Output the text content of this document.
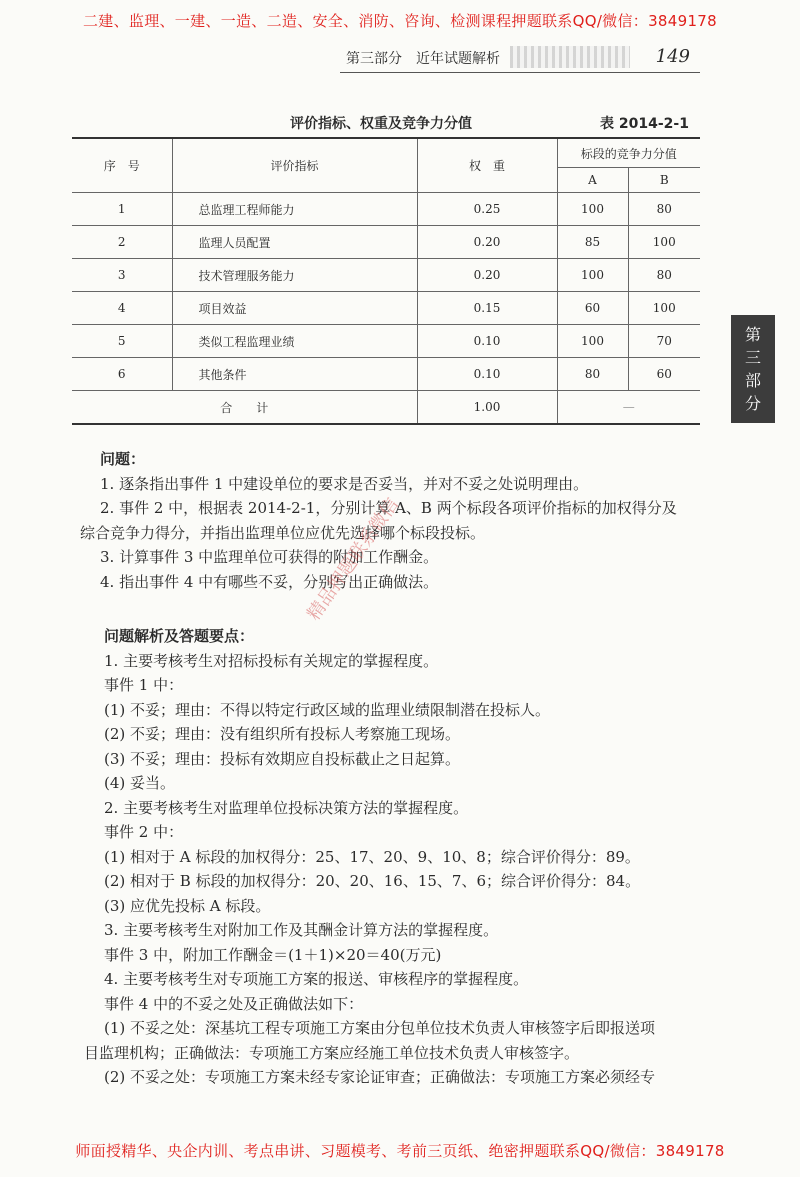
二建、监理、一建、一造、二造、安全、消防、咨询、检测课程押题联系QQ/微信：3849178
第三部分　近年试题解析	149
第
三
部
分
评价指标、权重及竞争力分值	表 2014-2-1
序　号	评价指标	权　重	标段的竞争力分值	
			A	B
1	总监理工程师能力	0.25	100	80
2	监理人员配置	0.20	85	100
3	技术管理服务能力	0.20	100	80
4	项目效益	0.15	60	100
5	类似工程监理业绩	0.10	100	70
6	其他条件	0.10	80	60
合　　计		1.00	—	

问题：

1. 逐条指出事件 1 中建设单位的要求是否妥当，并对不妥之处说明理由。

2. 事件 2 中，根据表 2014-2-1，分别计算 A、B 两个标段各项评价指标的加权得分及

综合竞争力得分，并指出监理单位应优先选择哪个标段投标。

3. 计算事件 3 中监理单位可获得的附加工作酬金。

4. 指出事件 4 中有哪些不妥，分别写出正确做法。

问题解析及答题要点：

1. 主要考核考生对招标投标有关规定的掌握程度。

事件 1 中：

(1) 不妥；理由：不得以特定行政区域的监理业绩限制潜在投标人。

(2) 不妥；理由：没有组织所有投标人考察施工现场。

(3) 不妥；理由：投标有效期应自投标截止之日起算。

(4) 妥当。

2. 主要考核考生对监理单位投标决策方法的掌握程度。

事件 2 中：

(1) 相对于 A 标段的加权得分：25、17、20、9、10、8；综合评价得分：89。

(2) 相对于 B 标段的加权得分：20、20、16、15、7、6；综合评价得分：84。

(3) 应优先投标 A 标段。

3. 主要考核考生对附加工作及其酬金计算方法的掌握程度。

事件 3 中，附加工作酬金＝(1＋1)×20＝40(万元)

4. 主要考核考生对专项施工方案的报送、审核程序的掌握程度。

事件 4 中的不妥之处及正确做法如下：

(1) 不妥之处：深基坑工程专项施工方案由分包单位技术负责人审核签字后即报送项

目监理机构；正确做法：专项施工方案应经施工单位技术负责人审核签字。

(2) 不妥之处：专项施工方案未经专家论证审查；正确做法：专项施工方案必须经专

精品押题联系微信
师面授精华、央企内训、考点串讲、习题模考、考前三页纸、绝密押题联系QQ/微信：3849178
